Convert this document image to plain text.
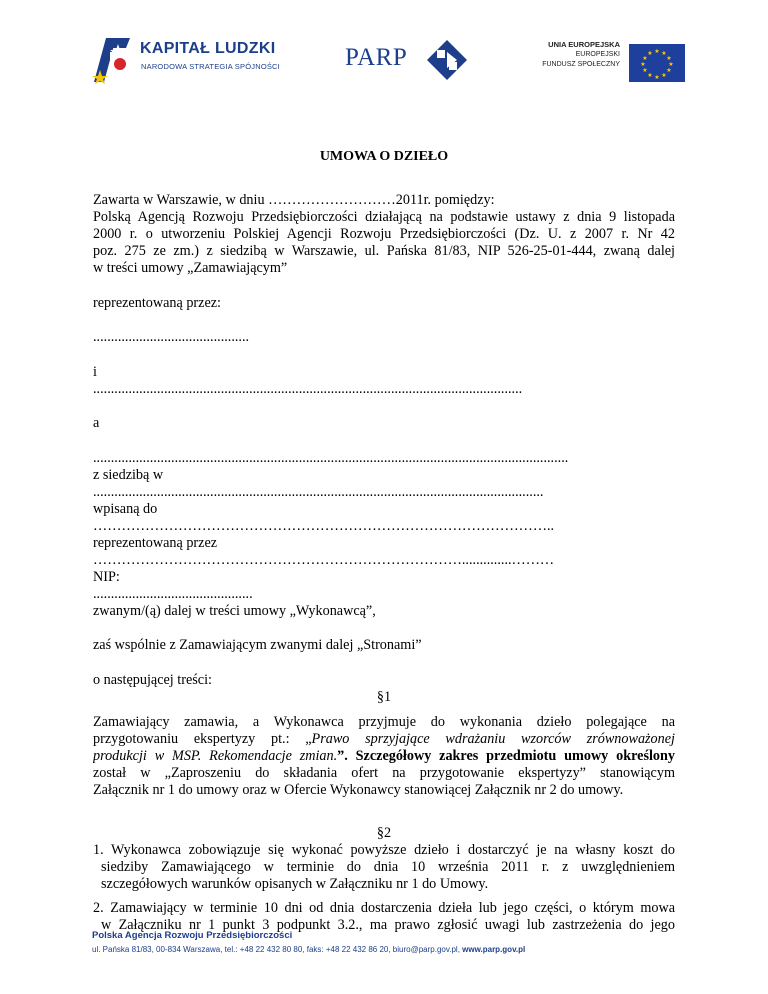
KAPITAŁ LUDZKI
NARODOWA STRATEGIA SPÓJNOŚCI	PARP	UNIA EUROPEJSKA
EUROPEJSKI
FUNDUSZ SPOŁECZNY
★ ★
★
★
★
★
★
★
★
★
★
★
UMOWA O DZIEŁO
Zawarta w Warszawie, w dniu ………………………2011r. pomiędzy:
Polską Agencją Rozwoju Przedsiębiorczości działającą na podstawie ustawy z dnia 9 listopada
2000 r. o utworzeniu Polskiej Agencji Rozwoju Przedsiębiorczości (Dz. U. z 2007 r. Nr 42
poz. 275 ze zm.) z siedzibą w Warszawie, ul. Pańska 81/83, NIP 526-25-01-444, zwaną dalej
w treści umowy „Zamawiającym”
reprezentowaną przez:
............................................
i
.........................................................................................................................
a
......................................................................................................................................
z siedzibą w
...............................................................................................................................
wpisaną do
……………………………………………………………………………………..
reprezentowaną przez
……………………………………………………………………..............………
NIP:
.............................................
zwanym/(ą) dalej w treści umowy „Wykonawcą”,
zaś wspólnie z Zamawiającym zwanymi dalej „Stronami”
o następującej treści:
§1
Zamawiający zamawia, a Wykonawca przyjmuje do wykonania dzieło polegające na
przygotowaniu ekspertyzy pt.: „Prawo sprzyjające wdrażaniu wzorców zrównoważonej
produkcji w MSP. Rekomendacje zmian.”. Szczegółowy zakres przedmiotu umowy określony
został w „Zaproszeniu do składania ofert na przygotowanie ekspertyzy” stanowiącym
Załącznik nr 1 do umowy oraz w Ofercie Wykonawcy stanowiącej Załącznik nr 2 do umowy.
§2
1. Wykonawca zobowiązuje się wykonać powyższe dzieło i dostarczyć je na własny koszt do
siedziby Zamawiającego w terminie do dnia 10 września 2011 r. z uwzględnieniem
szczegółowych warunków opisanych w Załączniku nr 1 do Umowy.
2. Zamawiający w terminie 10 dni od dnia dostarczenia dzieła lub jego części, o którym mowa
w Załączniku nr 1 punkt 3 podpunkt 3.2., ma prawo zgłosić uwagi lub zastrzeżenia do jego
Polska Agencja Rozwoju Przedsiębiorczości
ul. Pańska 81/83, 00-834 Warszawa, tel.: +48 22 432 80 80, faks: +48 22 432 86 20, biuro@parp.gov.pl, www.parp.gov.pl
